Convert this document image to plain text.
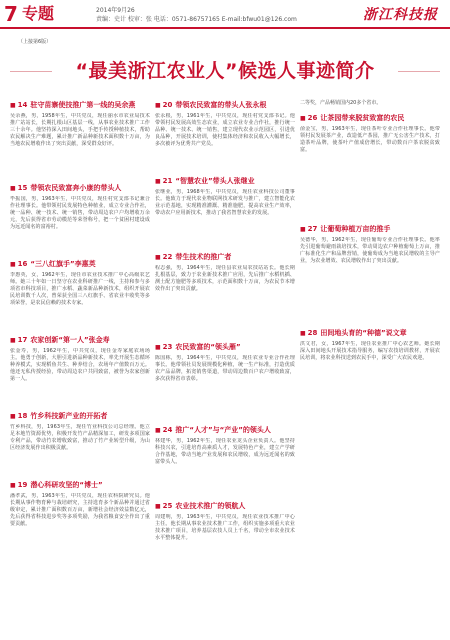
7 专题	2014年9月26
责编：史计 校审：张 电话：0571-86757165 E-mail:bfwu01@126.com	浙江科技报
（上接第6版）
“最美浙江农业人”候选人事迹简介
■ 14 驻守苗寨使技推广第一线的吴余燕
吴余燕，男，1958年生，中共党员，现任丽水市农业局技术推广站站长，长期扎根山区基层一线，从事农业技术推广工作三十余年。他坚持深入田间地头，手把手传授种植技术，帮助农民解决生产难题，累计推广新品种新技术面积数十万亩，为当地农民增收作出了突出贡献，深受群众好评。
■ 15 带领农民致富奔小康的带头人
毕振国，男，1963年生，中共党员，现任村党支部书记兼合作社理事长。他带领村民发展特色种植业，成立专业合作社，统一品种、统一技术、统一销售，带动周边农户户均增收万余元，先后获得省市劳动模范等荣誉称号，把一个贫困村建设成为远近闻名的富裕村。
■ 16 “三八红旗手”李惠英
李惠英，女，1962年生，现任市农业技术推广中心高级农艺师。她三十年如一日坚守在农业科研推广一线，主持和参与多项省市科技项目，推广水稻、蔬菜新品种新技术，组织开展农民培训数千人次，曾荣获全国三八红旗手、省农业丰收奖等多项荣誉，是农民信赖的技术专家。
■ 17 农家创新“第一人”张金寿
张金寿，男，1962年生，中共党员，现任金寿家庭农场场主。他勇于创新，大胆引进新品种新技术，率先开展生态循环种养模式，实现稻鱼共生、种养结合，农场年产值数百万元。他还无私传授经验，带动周边农户共同致富，被誉为农家创新第一人。
■ 18 竹乡科技新产业的开拓者
竹乡科技，男，1963年生，现任竹业科技公司总经理。他立足本地竹资源优势，积极开发竹产品精深加工，研发多项国家专利产品，带动竹农增收致富，推动了竹产业转型升级，为山区经济发展作出积极贡献。
■ 19 潜心科研攻坚的“博士”
潘孝武，男，1963年生，中共党员，现任农科院研究员。他长期从事作物育种与栽培研究，主持选育多个新品种并通过省级审定，累计推广面积数百万亩，新增社会经济效益数亿元，先后获得省科技进步奖等多项奖励，为我省粮食安全作出了重要贡献。
■ 20 带领农民致富的带头人张永根
张永根，男，1961年生，中共党员，现任村党支部书记。他带领村民发展高效生态农业，成立农业专业合作社，推行统一品种、统一技术、统一销售，建立现代农业示范园区，引进优良品种，开展技术培训，使村集体经济和农民收入大幅增长，多次被评为优秀共产党员。
■ 21 “智慧农业”带头人张继业
张继业，男，1968年生，中共党员，现任农业科技公司董事长。他致力于现代农业物联网技术研发与推广，建立智能化农业示范基地，实现精准灌溉、精准施肥，提高农业生产效率，带动农户应用新技术，推动了我省智慧农业的发展。
■ 22 带生技术的推广者
程志强，男，1964年生，现任县农业局农技站站长。他长期扎根基层，致力于农业新技术推广应用，先后推广水稻机插、测土配方施肥等多项技术，示范面积数十万亩，为农民节本增效作出了突出贡献。
■ 23 农民致富的“领头雁”
陈国栋，男，1964年生，中共党员，现任农业专业合作社理事长。他带领社员发展规模化种植，统一生产标准，打造优质农产品品牌，拓宽销售渠道，带动周边数百户农户增收致富，多次获得省市表彰。
■ 24 推广“人才”与“产业”的领头人
林建华，男，1962年生，现任农业龙头企业负责人。他坚持科技兴农，引进培育高素质人才，发展特色产业，建立产学研合作基地，带动当地产业发展和农民增收，成为远近闻名的致富带头人。
■ 25 农业技术推广的领航人
周建明，男，1963年生，中共党员，现任农业技术推广中心主任。他长期从事农业技术推广工作，组织实施多项重大农业技术推广项目，培养基层农技人员上千名，带动全市农业技术水平整体提升。
二等奖，产品畅销国内20多个省市。
■ 26 让茶园带来脱贫致富的农民
俞金宝，男，1963年生，现任茶叶专业合作社理事长。他带领村民发展茶产业，改造低产茶园，推广无公害生产技术，打造茶叶品牌，使茶叶产值成倍增长，带动数百户茶农脱贫致富。
■ 27 让葡萄种植万亩的推手
吴德华，男，1962年生，现任葡萄专业合作社理事长。他率先引进葡萄避雨栽培技术，带动周边农户种植葡萄上万亩，推广标准化生产和品牌营销，使葡萄成为当地农民增收的主导产业，为农业增效、农民增收作出了突出贡献。
■ 28 田间地头育的“种德”说文章
洪文君，女，1967年生，现任农业推广中心农艺师。她长期深入田间地头开展技术指导服务，编写农技培训教材，开展农民培训，将农业科技送到农民手中，深受广大农民欢迎。
